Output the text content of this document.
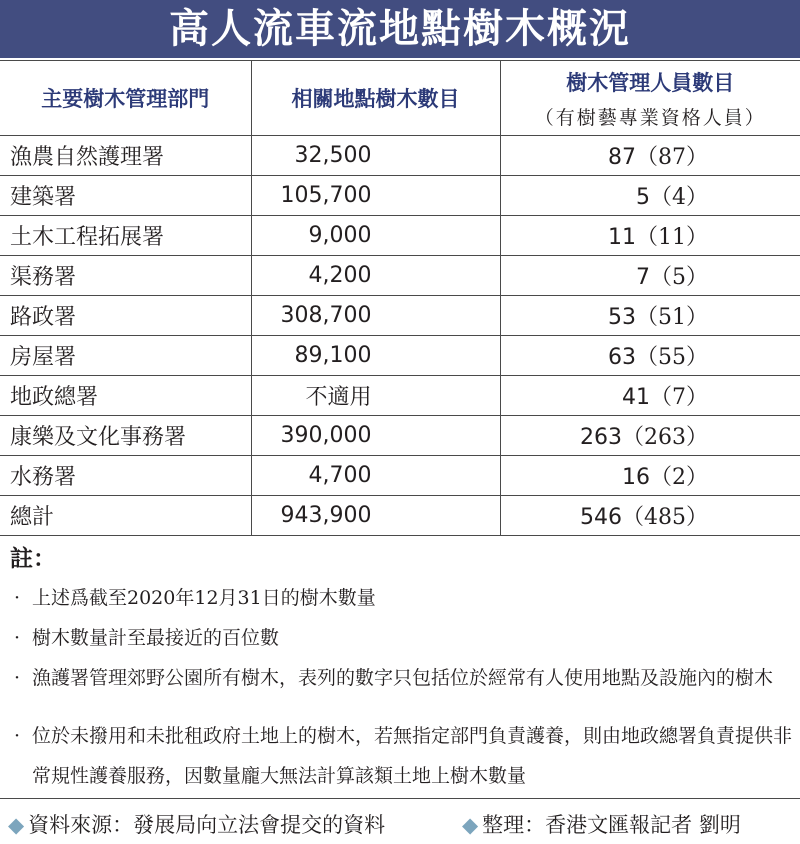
高人流車流地點樹木概況
主要樹木管理部門	相關地點樹木數目	樹木管理人員數目
（有樹藝專業資格人員）

漁農自然護理署	32,500	87（87）
建築署	105,700	5（4）
土木工程拓展署	9,000	11（11）
渠務署	4,200	7（5）
路政署	308,700	53（51）
房屋署	89,100	63（55）
地政總署	不適用	41（7）
康樂及文化事務署	390,000	263（263）
水務署	4,700	16（2）
總計	943,900	546（485）
註：
· 上述爲截至2020年12月31日的樹木數量
· 樹木數量計至最接近的百位數
· 漁護署管理郊野公園所有樹木，表列的數字只包括位於經常有人使用地點及設施內的樹木
· 位於未撥用和未批租政府土地上的樹木，若無指定部門負責護養，則由地政總署負責提供非常規性護養服務，因數量龐大無法計算該類土地上樹木數量
◆ 資料來源：發展局向立法會提交的資料	◆ 整理：香港文匯報記者 劉明
